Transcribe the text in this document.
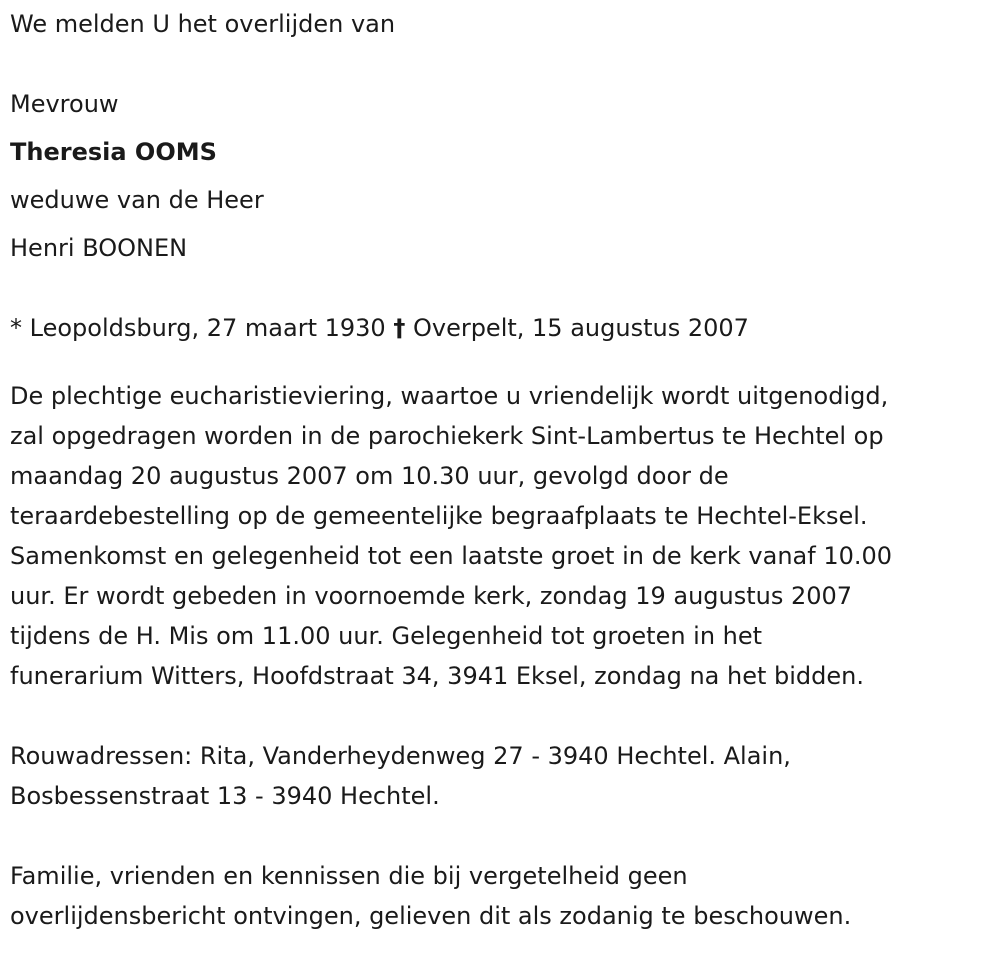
We melden U het overlijden van
Mevrouw
Theresia OOMS
weduwe van de Heer
Henri BOONEN
* Leopoldsburg, 27 maart 1930 † Overpelt, 15 augustus 2007
De plechtige eucharistieviering, waartoe u vriendelijk wordt uitgenodigd,
zal opgedragen worden in de parochiekerk Sint-Lambertus te Hechtel op
maandag 20 augustus 2007 om 10.30 uur, gevolgd door de
teraardebestelling op de gemeentelijke begraafplaats te Hechtel-Eksel.
Samenkomst en gelegenheid tot een laatste groet in de kerk vanaf 10.00
uur. Er wordt gebeden in voornoemde kerk, zondag 19 augustus 2007
tijdens de H. Mis om 11.00 uur. Gelegenheid tot groeten in het
funerarium Witters, Hoofdstraat 34, 3941 Eksel, zondag na het bidden.
Rouwadressen: Rita, Vanderheydenweg 27 - 3940 Hechtel. Alain,
Bosbessenstraat 13 - 3940 Hechtel.
Familie, vrienden en kennissen die bij vergetelheid geen
overlijdensbericht ontvingen, gelieven dit als zodanig te beschouwen.
